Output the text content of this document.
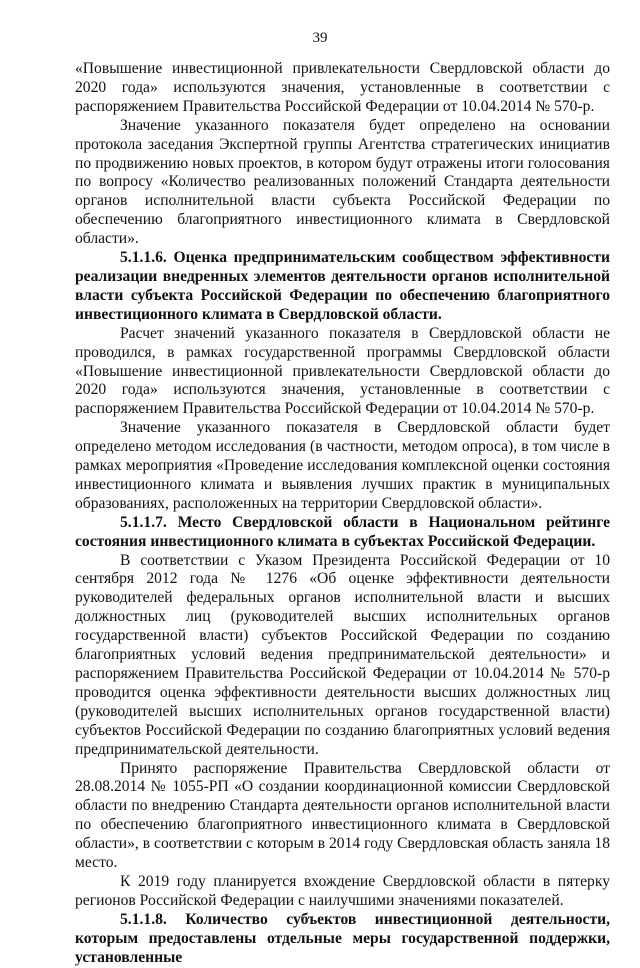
39

«Повышение инвестиционной привлекательности Свердловской области до 2020 года» используются значения, установленные в соответствии с распоряжением Правительства Российской Федерации от 10.04.2014 № 570-р.

Значение указанного показателя будет определено на основании протокола заседания Экспертной группы Агентства стратегических инициатив по продвижению новых проектов, в котором будут отражены итоги голосования по вопросу «Количество реализованных положений Стандарта деятельности органов исполнительной власти субъекта Российской Федерации по обеспечению благоприятного инвестиционного климата в Свердловской области».

5.1.1.6. Оценка предпринимательским сообществом эффективности реализации внедренных элементов деятельности органов исполнительной власти субъекта Российской Федерации по обеспечению благоприятного инвестиционного климата в Свердловской области.

Расчет значений указанного показателя в Свердловской области не проводился, в рамках государственной программы Свердловской области «Повышение инвестиционной привлекательности Свердловской области до 2020 года» используются значения, установленные в соответствии с распоряжением Правительства Российской Федерации от 10.04.2014 № 570-р.

Значение указанного показателя в Свердловской области будет определено методом исследования (в частности, методом опроса), в том числе в рамках мероприятия «Проведение исследования комплексной оценки состояния инвестиционного климата и выявления лучших практик в муниципальных образованиях, расположенных на территории Свердловской области».

5.1.1.7. Место Свердловской области в Национальном рейтинге состояния инвестиционного климата в субъектах Российской Федерации.

В соответствии с Указом Президента Российской Федерации от 10 сентября 2012 года № 1276 «Об оценке эффективности деятельности руководителей федеральных органов исполнительной власти и высших должностных лиц (руководителей высших исполнительных органов государственной власти) субъектов Российской Федерации по созданию благоприятных условий ведения предпринимательской деятельности» и распоряжением Правительства Российской Федерации от 10.04.2014 № 570-р проводится оценка эффективности деятельности высших должностных лиц (руководителей высших исполнительных органов государственной власти) субъектов Российской Федерации по созданию благоприятных условий ведения предпринимательской деятельности.

Принято распоряжение Правительства Свердловской области от 28.08.2014 № 1055-РП «О создании координационной комиссии Свердловской области по внедрению Стандарта деятельности органов исполнительной власти по обеспечению благоприятного инвестиционного климата в Свердловской области», в соответствии с которым в 2014 году Свердловская область заняла 18 место.

К 2019 году планируется вхождение Свердловской области в пятерку регионов Российской Федерации с наилучшими значениями показателей.

5.1.1.8. Количество субъектов инвестиционной деятельности, которым предоставлены отдельные меры государственной поддержки, установленные
